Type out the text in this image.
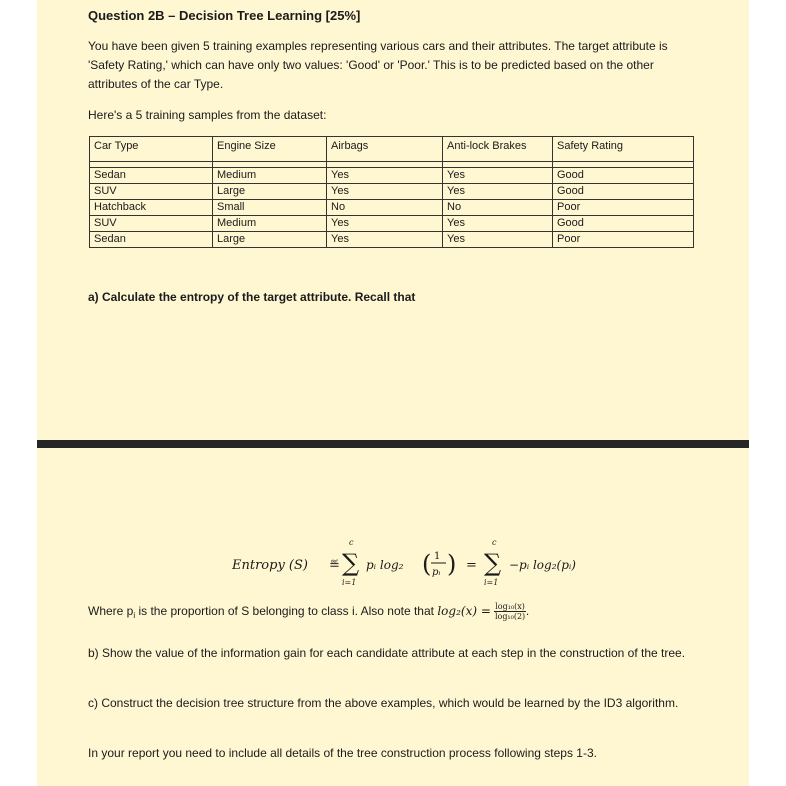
Question 2B – Decision Tree Learning [25%]
You have been given 5 training examples representing various cars and their attributes. The target attribute is 'Safety Rating,' which can have only two values: 'Good' or 'Poor.' This is to be predicted based on the other attributes of the car Type.
Here's a 5 training samples from the dataset:
Car Type	Engine Size	Airbags	Anti-lock Brakes	Safety Rating

Sedan	Medium	Yes	Yes	Good
SUV	Large	Yes	Yes	Good
Hatchback	Small	No	No	Poor
SUV	Medium	Yes	Yes	Good
Sedan	Large	Yes	Yes	Poor
a) Calculate the entropy of the target attribute. Recall that
Entropy (S) ≝
c
∑
i=1
pᵢ log₂ ( 1
pᵢ ) =
c
∑
i=1
−pᵢ log₂(pᵢ)
Where $p_i$ is the proportion of S belonging to class i. Also note that $\log_2(x) = \frac{\text{log₁₀(x)}}{\text{log₁₀(2)}}$ .
b) Show the value of the information gain for each candidate attribute at each step in the construction of the tree.
c) Construct the decision tree structure from the above examples, which would be learned by the ID3 algorithm.
In your report you need to include all details of the tree construction process following steps 1-3.
